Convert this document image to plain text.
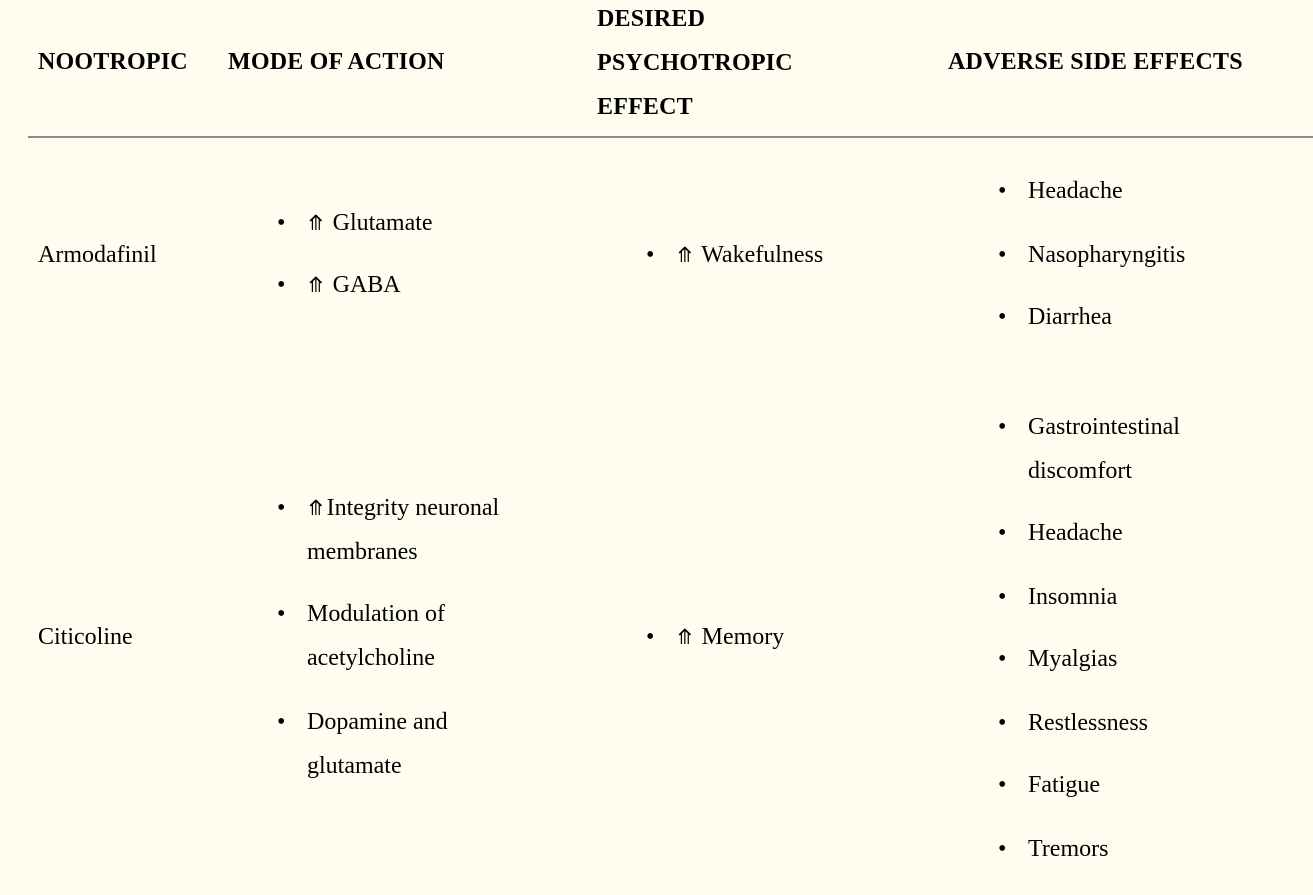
NOOTROPIC MODE OF ACTION
DESIRED
PSYCHOTROPIC
EFFECT
ADVERSE SIDE EFFECTS
Armodafinil
• ⤊ Glutamate
• ⤊ GABA
• ⤊ Wakefulness
• Headache
• Nasopharyngitis
• Diarrhea
Citicoline
• ⤊Integrity neuronal
membranes
• Modulation of
acetylcholine
• Dopamine and
glutamate
• ⤊ Memory
• Gastrointestinal
discomfort
• Headache
• Insomnia
• Myalgias
• Restlessness
• Fatigue
• Tremors
